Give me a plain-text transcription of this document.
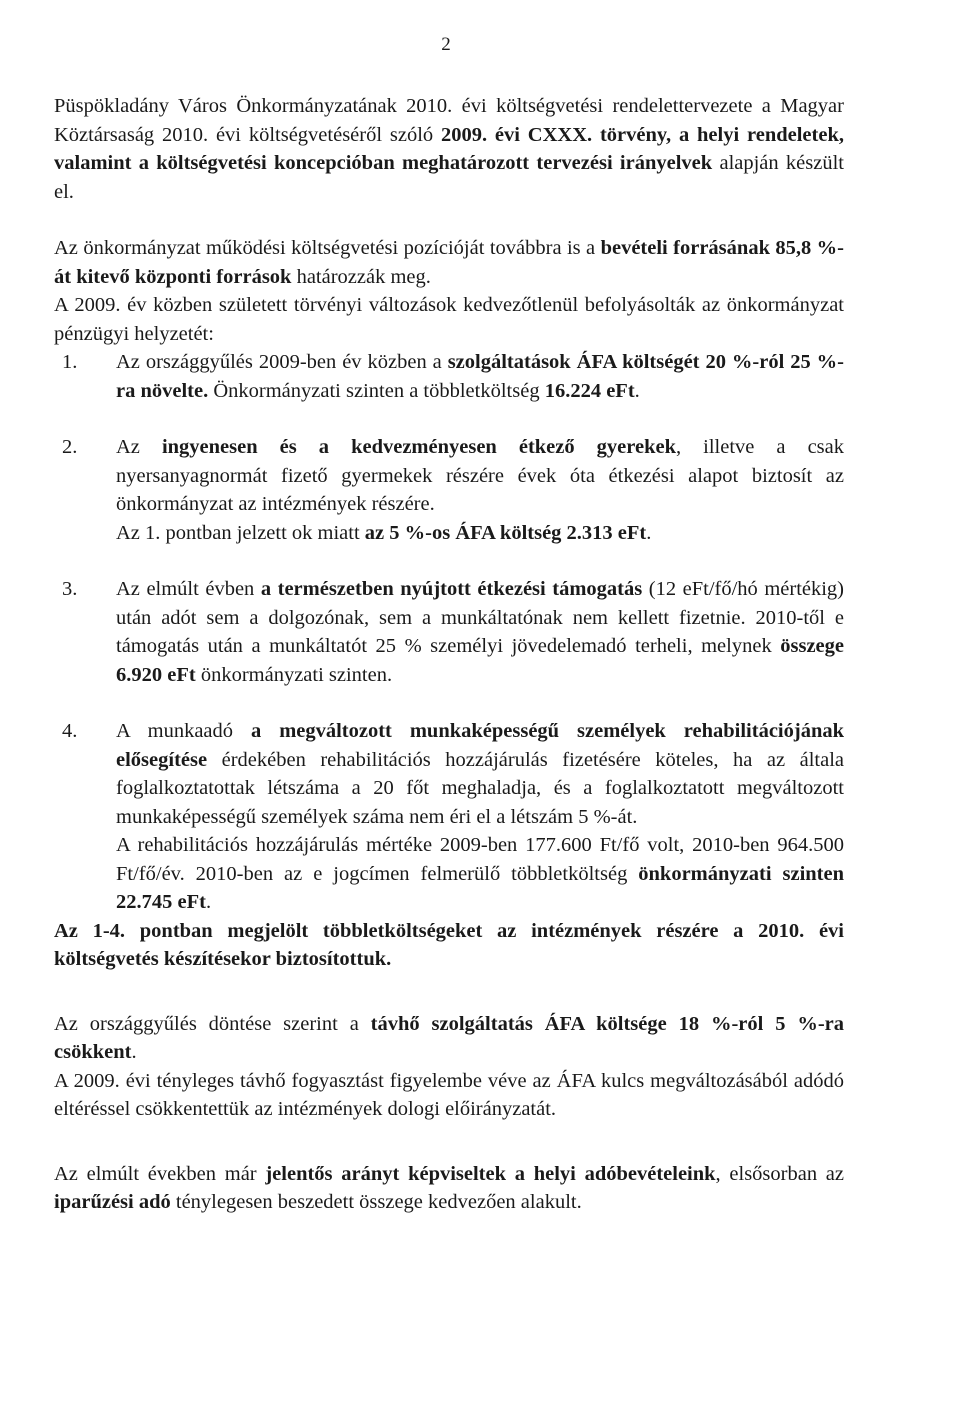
2

Püspökladány Város Önkormányzatának 2010. évi költségvetési rendelettervezete a Magyar Köztársaság 2010. évi költségvetéséről szóló 2009. évi CXXX. törvény, a helyi rendeletek, valamint a költségvetési koncepcióban meghatározott tervezési irányelvek alapján készült el.

Az önkormányzat működési költségvetési pozícióját továbbra is a bevételi forrásának 85,8 %-át kitevő központi források határozzák meg.

A 2009. év közben született törvényi változások kedvezőtlenül befolyásolták az önkormányzat pénzügyi helyzetét:

1. Az országgyűlés 2009-ben év közben a szolgáltatások ÁFA költségét 20 %-ról 25 %-ra növelte. Önkormányzati szinten a többletköltség 16.224 eFt.
2. Az ingyenesen és a kedvezményesen étkező gyerekek, illetve a csak nyersanyagnormát fizető gyermekek részére évek óta étkezési alapot biztosít az önkormányzat az intézmények részére.
Az 1. pontban jelzett ok miatt az 5 %-os ÁFA költség 2.313 eFt.
3. Az elmúlt évben a természetben nyújtott étkezési támogatás (12 eFt/fő/hó mértékig) után adót sem a dolgozónak, sem a munkáltatónak nem kellett fizetnie. 2010-től e támogatás után a munkáltatót 25 % személyi jövedelemadó terheli, melynek összege 6.920 eFt önkormányzati szinten.
4. A munkaadó a megváltozott munkaképességű személyek rehabilitációjának elősegítése érdekében rehabilitációs hozzájárulás fizetésére köteles, ha az általa foglalkoztatottak létszáma a 20 főt meghaladja, és a foglalkoztatott megváltozott munkaképességű személyek száma nem éri el a létszám 5 %-át.
A rehabilitációs hozzájárulás mértéke 2009-ben 177.600 Ft/fő volt, 2010-ben 964.500 Ft/fő/év. 2010-ben az e jogcímen felmerülő többletköltség önkormányzati szinten 22.745 eFt.

Az 1-4. pontban megjelölt többletköltségeket az intézmények részére a 2010. évi költségvetés készítésekor biztosítottuk.

Az országgyűlés döntése szerint a távhő szolgáltatás ÁFA költsége 18 %-ról 5 %-ra csökkent.

A 2009. évi tényleges távhő fogyasztást figyelembe véve az ÁFA kulcs megváltozásából adódó eltéréssel csökkentettük az intézmények dologi előirányzatát.

Az elmúlt években már jelentős arányt képviseltek a helyi adóbevételeink, elsősorban az iparűzési adó ténylegesen beszedett összege kedvezően alakult.
